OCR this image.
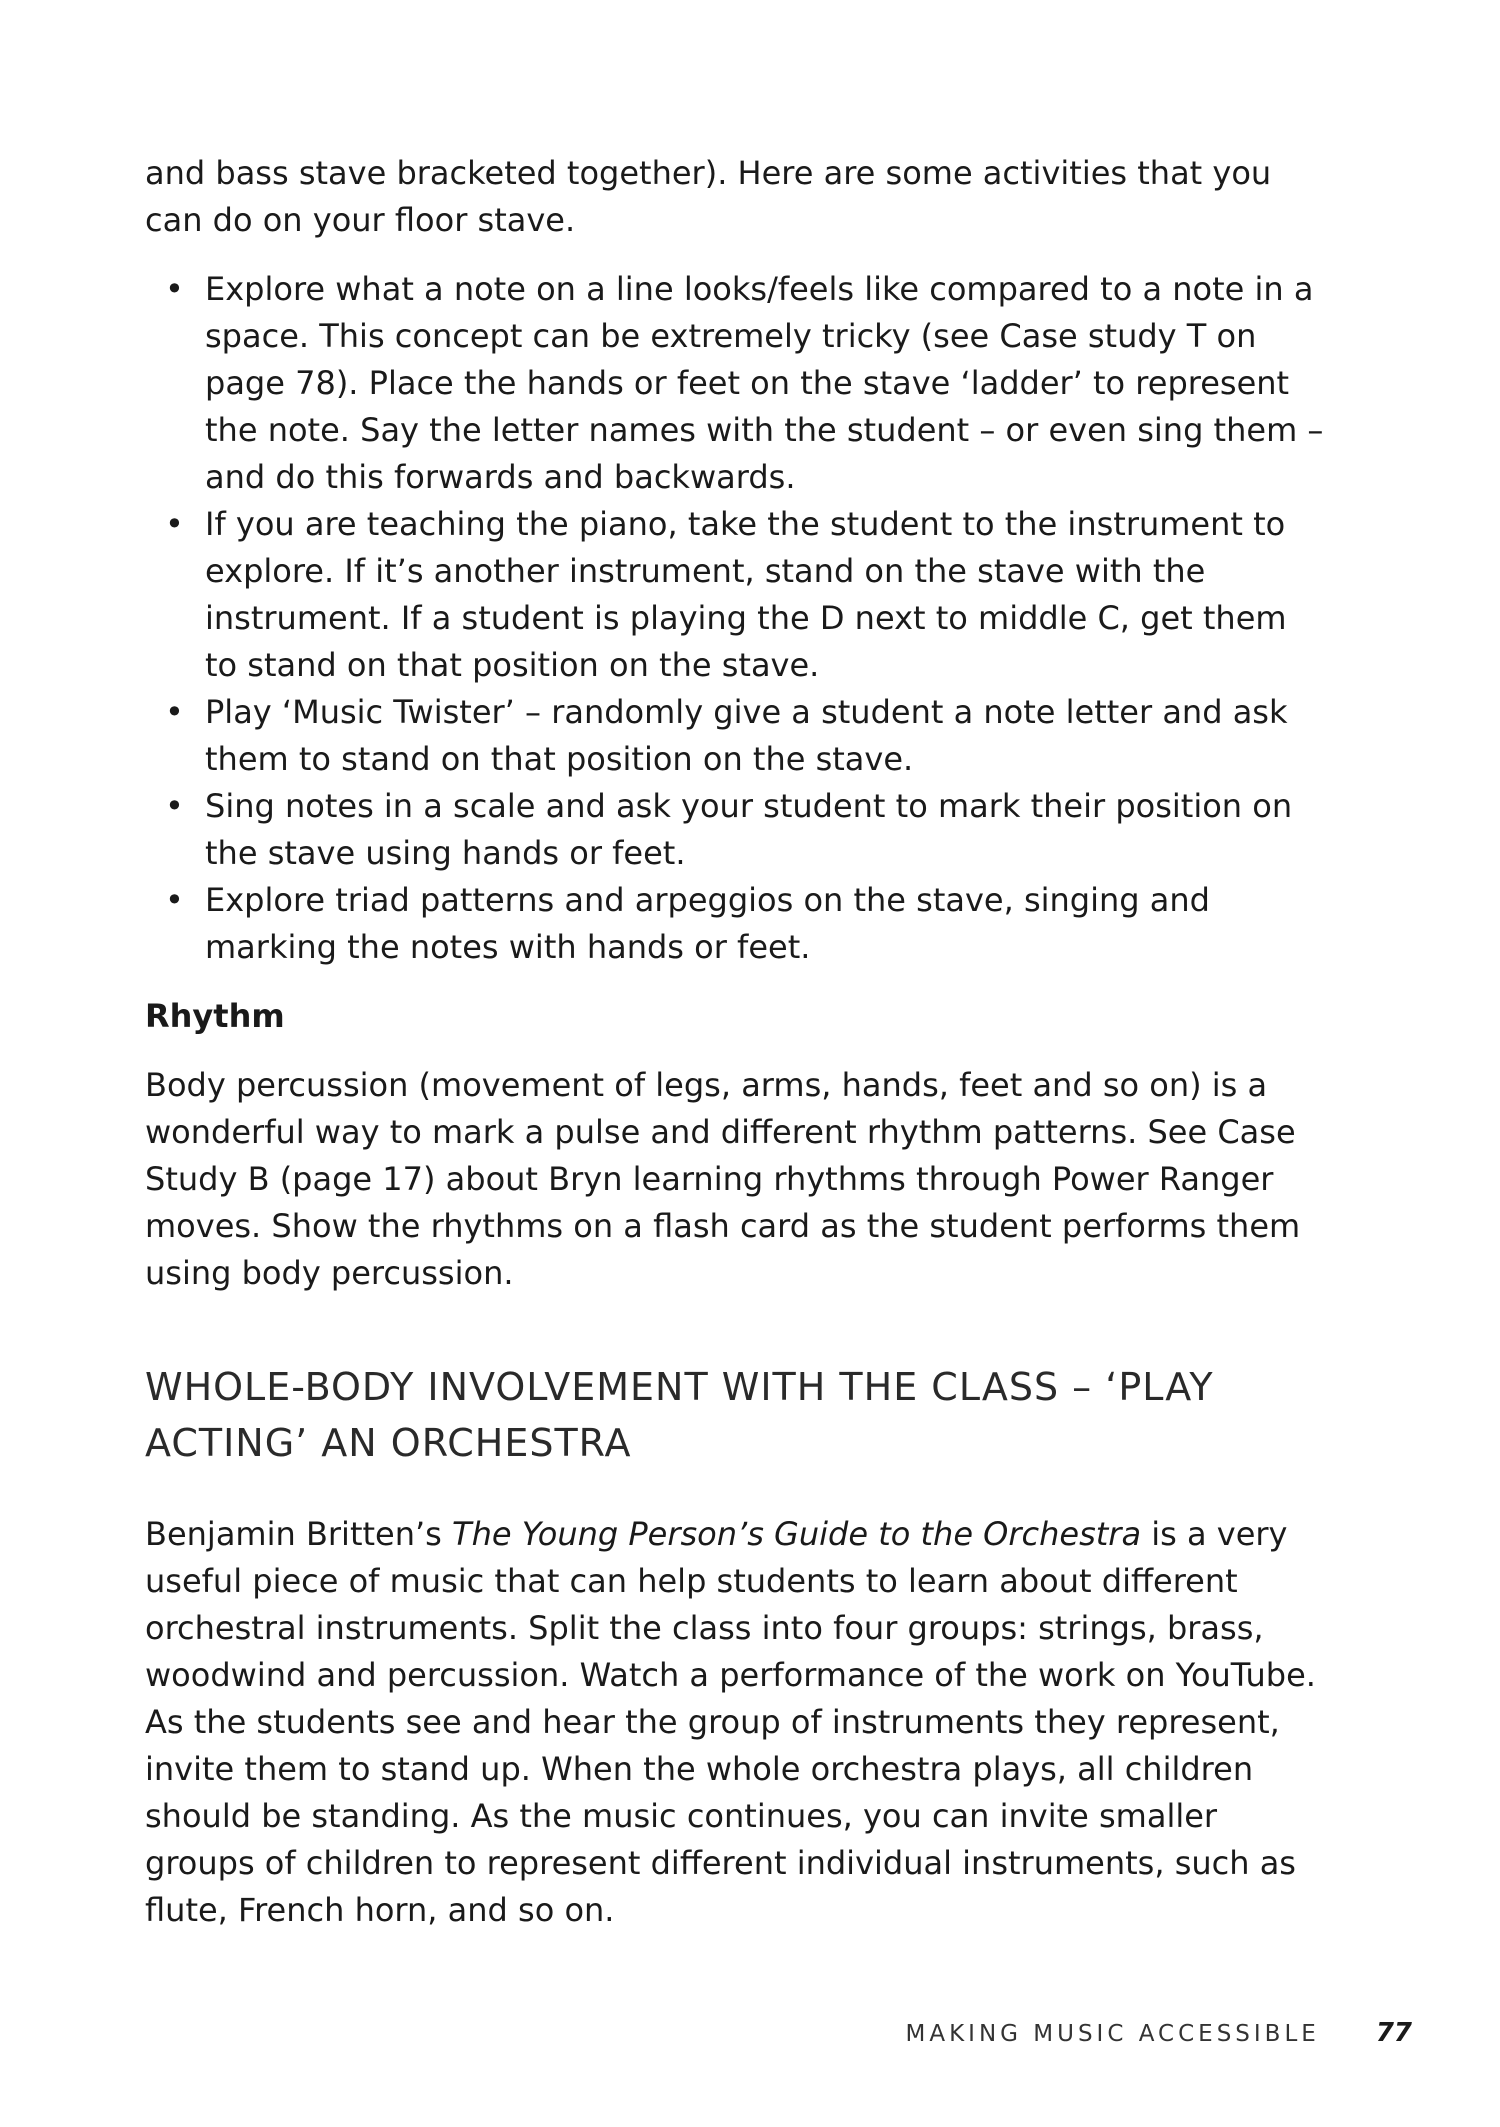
and bass stave bracketed together). Here are some activities that you can do on your floor stave.

• Explore what a note on a line looks/feels like compared to a note in a space. This concept can be extremely tricky (see Case study T on page 78). Place the hands or feet on the stave ‘ladder’ to represent the note. Say the letter names with the student – or even sing them – and do this forwards and backwards.
• If you are teaching the piano, take the student to the instrument to explore. If it’s another instrument, stand on the stave with the instrument. If a student is playing the D next to middle C, get them to stand on that position on the stave.
• Play ‘Music Twister’ – randomly give a student a note letter and ask them to stand on that position on the stave.
• Sing notes in a scale and ask your student to mark their position on the stave using hands or feet.
• Explore triad patterns and arpeggios on the stave, singing and marking the notes with hands or feet.
Rhythm

Body percussion (movement of legs, arms, hands, feet and so on) is a wonderful way to mark a pulse and different rhythm patterns. See Case Study B (page 17) about Bryn learning rhythms through Power Ranger moves. Show the rhythms on a flash card as the student performs them using body percussion.

WHOLE-BODY INVOLVEMENT WITH THE CLASS – ‘PLAY ACTING’ AN ORCHESTRA

Benjamin Britten’s The Young Person’s Guide to the Orchestra is a very useful piece of music that can help students to learn about different orchestral instruments. Split the class into four groups: strings, brass, woodwind and percussion. Watch a performance of the work on YouTube. As the students see and hear the group of instruments they represent, invite them to stand up. When the whole orchestra plays, all children should be standing. As the music continues, you can invite smaller groups of children to represent different individual instruments, such as flute, French horn, and so on.

MAKING MUSIC ACCESSIBLE 77
